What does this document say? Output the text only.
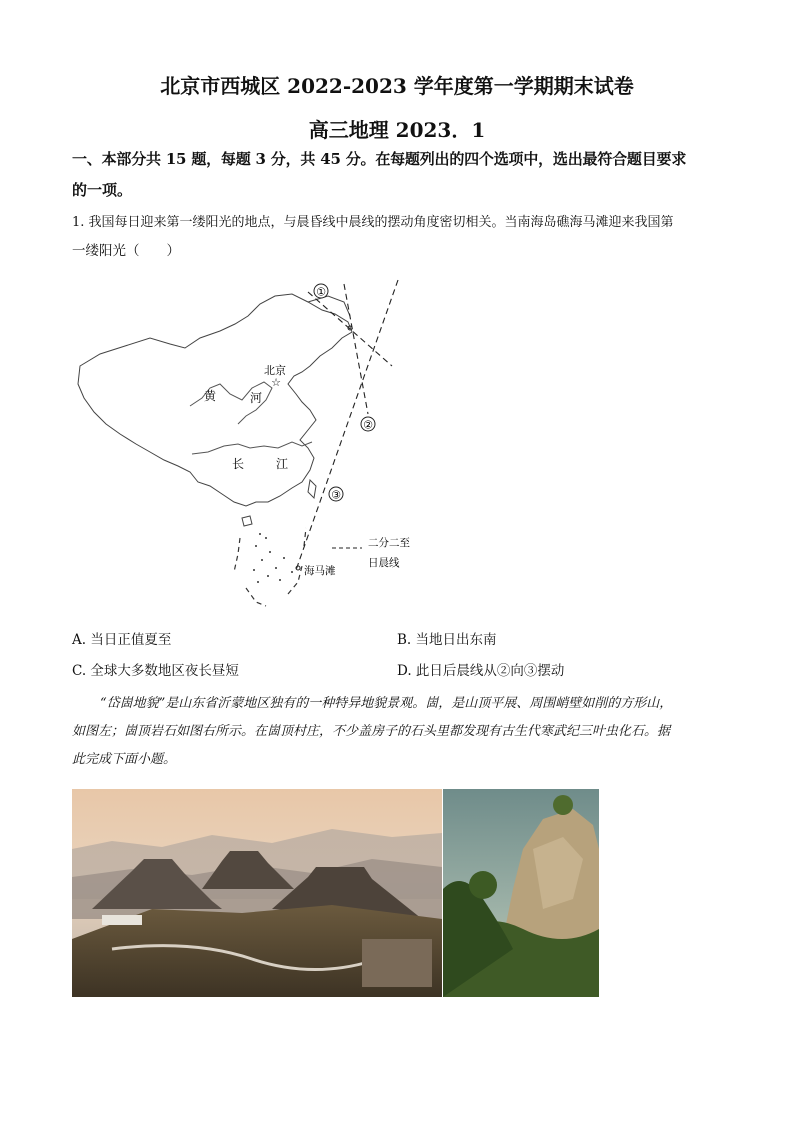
北京市西城区 2022-2023 学年度第一学期期末试卷
高三地理 2023．1
一、本部分共 15 题，每题 3 分，共 45 分。在每题列出的四个选项中，选出最符合题目要求
的一项。
1. 我国每日迎来第一缕阳光的地点，与晨昏线中晨线的摆动角度密切相关。当南海岛礁海马滩迎来我国第
一缕阳光（　　）
①
②
③
☆
北京
黄	河
长	江
海马滩
二分二至
日晨线
A. 当日正值夏至	B. 当地日出东南
C. 全球大多数地区夜长昼短	D. 此日后晨线从②向③摆动
“岱崮地貌”是山东省沂蒙地区独有的一种特异地貌景观。崮，是山顶平展、周围峭壁如削的方形山，
如图左；崮顶岩石如图右所示。在崮顶村庄，不少盖房子的石头里都发现有古生代寒武纪三叶虫化石。据
此完成下面小题。
